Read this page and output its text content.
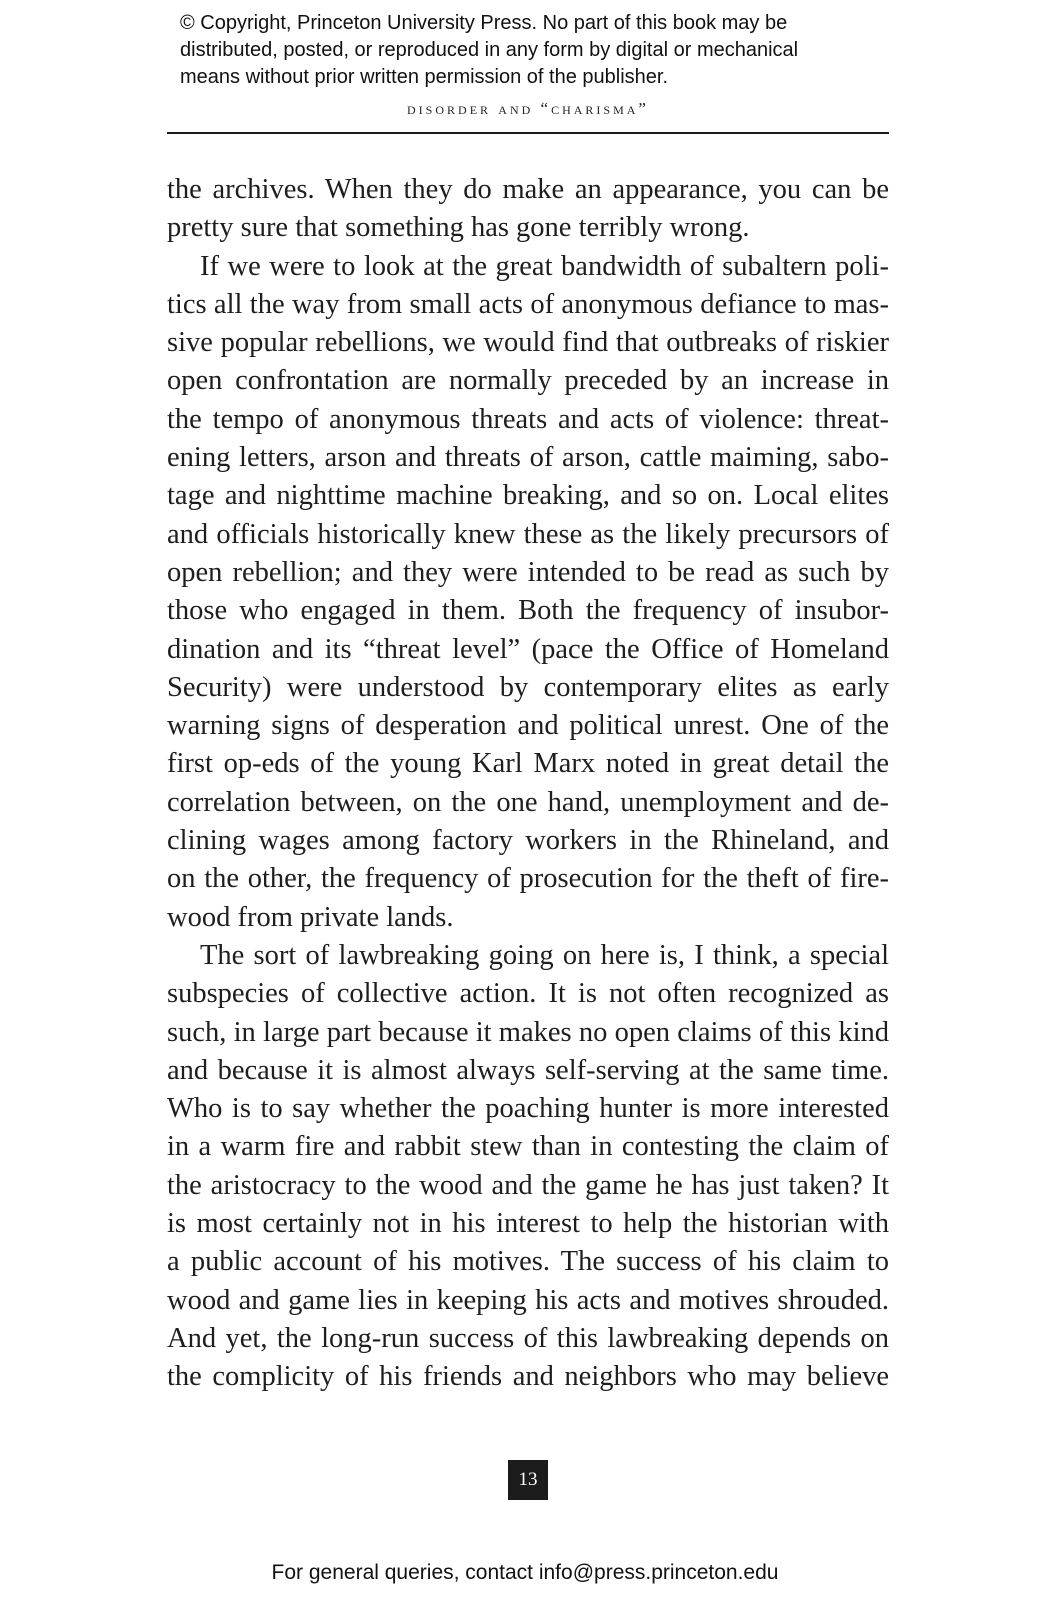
© Copyright, Princeton University Press. No part of this book may be
distributed, posted, or reproduced in any form by digital or mechanical
means without prior written permission of the publisher.
disorder and “charisma”
the archives. When they do make an appearance, you can be
pretty sure that something has gone terribly wrong.
If we were to look at the great bandwidth of subaltern poli-
tics all the way from small acts of anonymous defiance to mas-
sive popular rebellions, we would find that outbreaks of riskier
open confrontation are normally preceded by an increase in
the tempo of anonymous threats and acts of violence: threat-
ening letters, arson and threats of arson, cattle maiming, sabo-
tage and nighttime machine breaking, and so on. Local elites
and officials historically knew these as the likely precursors of
open rebellion; and they were intended to be read as such by
those who engaged in them. Both the frequency of insubor-
dination and its “threat level” (pace the Office of Homeland
Security) were understood by contemporary elites as early
warning signs of desperation and political unrest. One of the
first op-eds of the young Karl Marx noted in great detail the
correlation between, on the one hand, unemployment and de-
clining wages among factory workers in the Rhineland, and
on the other, the frequency of prosecution for the theft of fire-
wood from private lands.
The sort of lawbreaking going on here is, I think, a special
subspecies of collective action. It is not often recognized as
such, in large part because it makes no open claims of this kind
and because it is almost always self-serving at the same time.
Who is to say whether the poaching hunter is more interested
in a warm fire and rabbit stew than in contesting the claim of
the aristocracy to the wood and the game he has just taken? It
is most certainly not in his interest to help the historian with
a public account of his motives. The success of his claim to
wood and game lies in keeping his acts and motives shrouded.
And yet, the long-run success of this lawbreaking depends on
the complicity of his friends and neighbors who may believe
13
For general queries, contact info@press.princeton.edu
